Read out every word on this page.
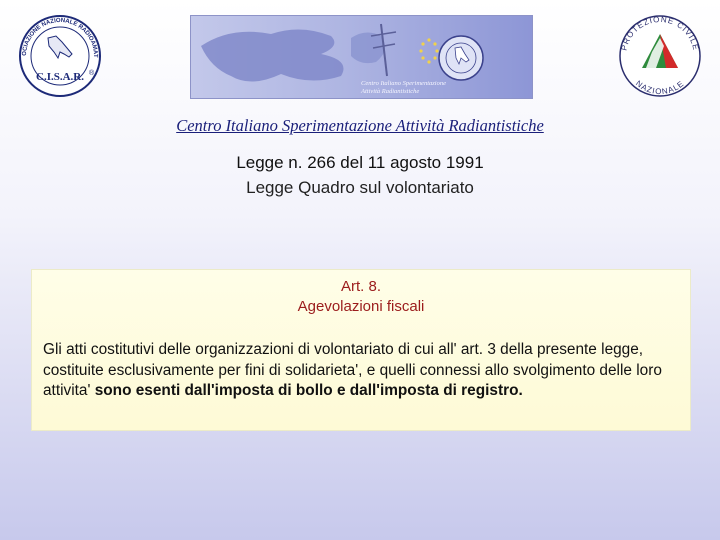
OCIAZIONE NAZIONALE RADIOAMAT
C.I.S.A.R. ®
Centro Italiano Sperimentazione
Attività Radiantistiche
PROTEZIONE CIVILE
NAZIONALE
Centro Italiano Sperimentazione Attività Radiantistiche
Legge n. 266 del 11 agosto 1991
Legge Quadro sul volontariato
Art. 8.
Agevolazioni fiscali
Gli atti costitutivi delle organizzazioni di volontariato di cui all' art. 3 della presente legge, costituite esclusivamente per fini di solidarieta', e quelli connessi allo svolgimento delle loro attivita' sono esenti dall'imposta di bollo e dall'imposta di registro.
